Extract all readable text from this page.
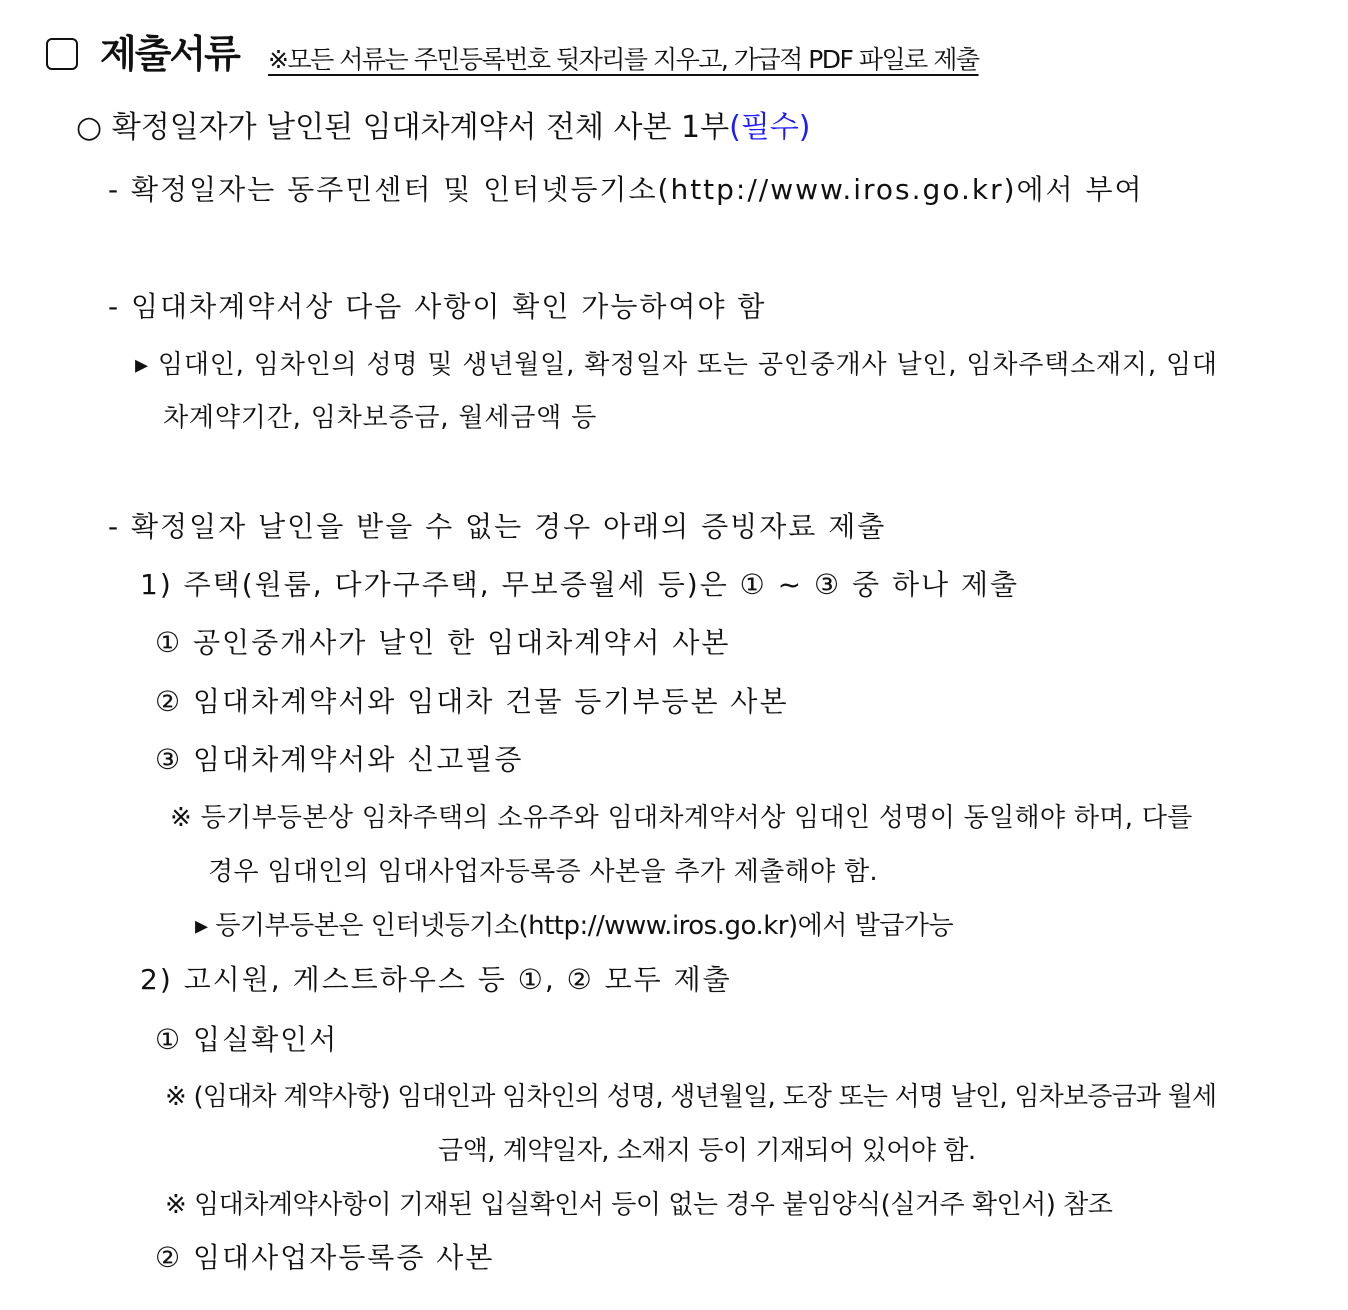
제출서류 ※모든 서류는 주민등록번호 뒷자리를 지우고, 가급적 PDF 파일로 제출
○ 확정일자가 날인된 임대차계약서 전체 사본 1부(필수)
- 확정일자는 동주민센터 및 인터넷등기소(http://www.iros.go.kr)에서 부여
- 임대차계약서상 다음 사항이 확인 가능하여야 함
▸ 임대인, 임차인의 성명 및 생년월일, 확정일자 또는 공인중개사 날인, 임차주택소재지, 임대
차계약기간, 임차보증금, 월세금액 등
- 확정일자 날인을 받을 수 없는 경우 아래의 증빙자료 제출
1) 주택(원룸, 다가구주택, 무보증월세 등)은 ① ~ ③ 중 하나 제출
① 공인중개사가 날인 한 임대차계약서 사본
② 임대차계약서와 임대차 건물 등기부등본 사본
③ 임대차계약서와 신고필증
※ 등기부등본상 임차주택의 소유주와 임대차계약서상 임대인 성명이 동일해야 하며, 다를
경우 임대인의 임대사업자등록증 사본을 추가 제출해야 함.
▸ 등기부등본은 인터넷등기소(http://www.iros.go.kr)에서 발급가능
2) 고시원, 게스트하우스 등 ①, ② 모두 제출
① 입실확인서
※ (임대차 계약사항) 임대인과 임차인의 성명, 생년월일, 도장 또는 서명 날인, 임차보증금과 월세
금액, 계약일자, 소재지 등이 기재되어 있어야 함.
※ 임대차계약사항이 기재된 입실확인서 등이 없는 경우 붙임양식(실거주 확인서) 참조
② 임대사업자등록증 사본
